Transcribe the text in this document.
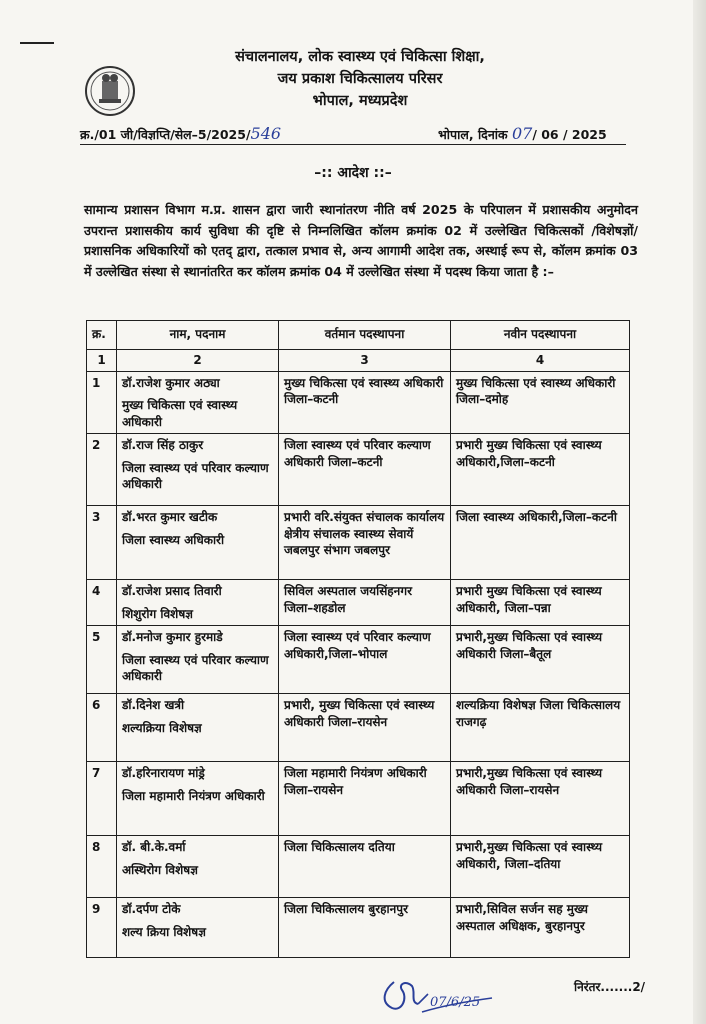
संचालनालय, लोक स्वास्थ्य एवं चिकित्सा शिक्षा,
जय प्रकाश चिकित्सालय परिसर
भोपाल, मध्यप्रदेश
क्र./01 जी/विज्ञप्ति/सेल–5/2025/546	भोपाल, दिनांक 07/ 06 / 2025
–:: आदेश ::–
सामान्य प्रशासन विभाग म.प्र. शासन द्वारा जारी स्थानांतरण नीति वर्ष 2025 के परिपालन में प्रशासकीय अनुमोदन उपरान्त प्रशासकीय कार्य सुविधा की दृष्टि से निम्नलिखित कॉलम क्रमांक 02 में उल्लेखित चिकित्सकों /विशेषज्ञों/प्रशासनिक अधिकारियों को एतद् द्वारा, तत्काल प्रभाव से, अन्य आगामी आदेश तक, अस्थाई रूप से, कॉलम क्रमांक 03 में उल्लेखित संस्था से स्थानांतरित कर कॉलम क्रमांक 04 में उल्लेखित संस्था में पदस्थ किया जाता है :–
क्र.	नाम, पदनाम	वर्तमान पदस्थापना	नवीन पदस्थापना
1	2	3	4
1	डॉ.राजेश कुमार अठ्या
मुख्य चिकित्सा एवं स्वास्थ्य अधिकारी	मुख्य चिकित्सा एवं स्वास्थ्य अधिकारी जिला–कटनी	मुख्य चिकित्सा एवं स्वास्थ्य अधिकारी जिला–दमोह
2	डॉ.राज सिंह ठाकुर
जिला स्वास्थ्य एवं परिवार कल्याण अधिकारी	जिला स्वास्थ्य एवं परिवार कल्याण अधिकारी जिला–कटनी	प्रभारी मुख्य चिकित्सा एवं स्वास्थ्य अधिकारी,जिला–कटनी
3	डॉ.भरत कुमार खटीक
जिला स्वास्थ्य अधिकारी	प्रभारी वरि.संयुक्त संचालक कार्यालय क्षेत्रीय संचालक स्वास्थ्य सेवायें जबलपुर संभाग जबलपुर	जिला स्वास्थ्य अधिकारी,जिला–कटनी
4	डॉ.राजेश प्रसाद तिवारी
शिशुरोग विशेषज्ञ	सिविल अस्पताल जयसिंहनगर जिला–शहडोल	प्रभारी मुख्य चिकित्सा एवं स्वास्थ्य अधिकारी, जिला–पन्ना
5	डॉ.मनोज कुमार हुरमाडे
जिला स्वास्थ्य एवं परिवार कल्याण अधिकारी	जिला स्वास्थ्य एवं परिवार कल्याण अधिकारी,जिला–भोपाल	प्रभारी,मुख्य चिकित्सा एवं स्वास्थ्य अधिकारी जिला–बैतूल
6	डॉ.दिनेश खत्री
शल्यक्रिया विशेषज्ञ	प्रभारी, मुख्य चिकित्सा एवं स्वास्थ्य अधिकारी जिला–रायसेन	शल्यक्रिया विशेषज्ञ जिला चिकित्सालय राजगढ़
7	डॉ.हरिनारायण मांड्रे
जिला महामारी नियंत्रण अधिकारी	जिला महामारी नियंत्रण अधिकारी जिला–रायसेन	प्रभारी,मुख्य चिकित्सा एवं स्वास्थ्य अधिकारी जिला–रायसेन
8	डॉ. बी.के.वर्मा
अस्थिरोग विशेषज्ञ	जिला चिकित्सालय दतिया	प्रभारी,मुख्य चिकित्सा एवं स्वास्थ्य अधिकारी, जिला–दतिया
9	डॉ.दर्पण टोके
शल्य क्रिया विशेषज्ञ	जिला चिकित्सालय बुरहानपुर	प्रभारी,सिविल सर्जन सह मुख्य अस्पताल अधिक्षक, बुरहानपुर
07/6/25
निरंतर.......2/
